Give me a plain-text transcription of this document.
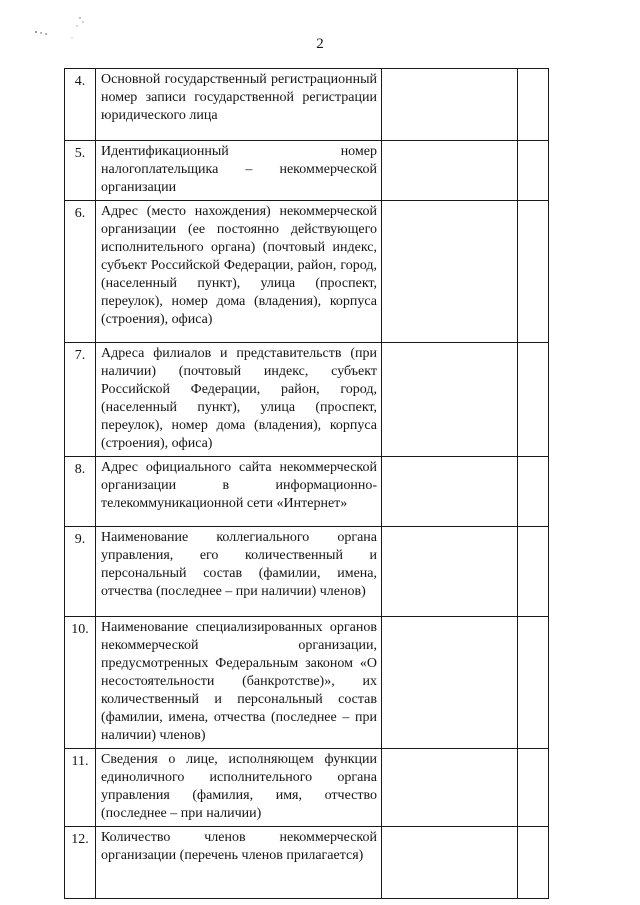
2
4.	Основной государственный регистрационный номер записи государственной регистрации юридического лица		
5.	Идентификационный номер налогоплательщика – некоммерческой организации		
6.	Адрес (место нахождения) некоммерческой организации (ее постоянно действующего исполнительного органа) (почтовый индекс, субъект Российской Федерации, район, город, (населенный пункт), улица (проспект, переулок), номер дома (владения), корпуса (строения), офиса)		
7.	Адреса филиалов и представительств (при наличии) (почтовый индекс, субъект Российской Федерации, район, город, (населенный пункт), улица (проспект, переулок), номер дома (владения), корпуса (строения), офиса)		
8.	Адрес официального сайта некоммерческой организации в информационно-телекоммуникационной сети «Интернет»		
9.	Наименование коллегиального органа управления, его количественный и персональный состав (фамилии, имена, отчества (последнее – при наличии) членов)		
10.	Наименование специализированных органов некоммерческой организации, предусмотренных Федеральным законом «О несостоятельности (банкротстве)», их количественный и персональный состав (фамилии, имена, отчества (последнее – при наличии) членов)		
11.	Сведения о лице, исполняющем функции единоличного исполнительного органа управления (фамилия, имя, отчество (последнее – при наличии)		
12.	Количество членов некоммерческой организации (перечень членов прилагается)		
